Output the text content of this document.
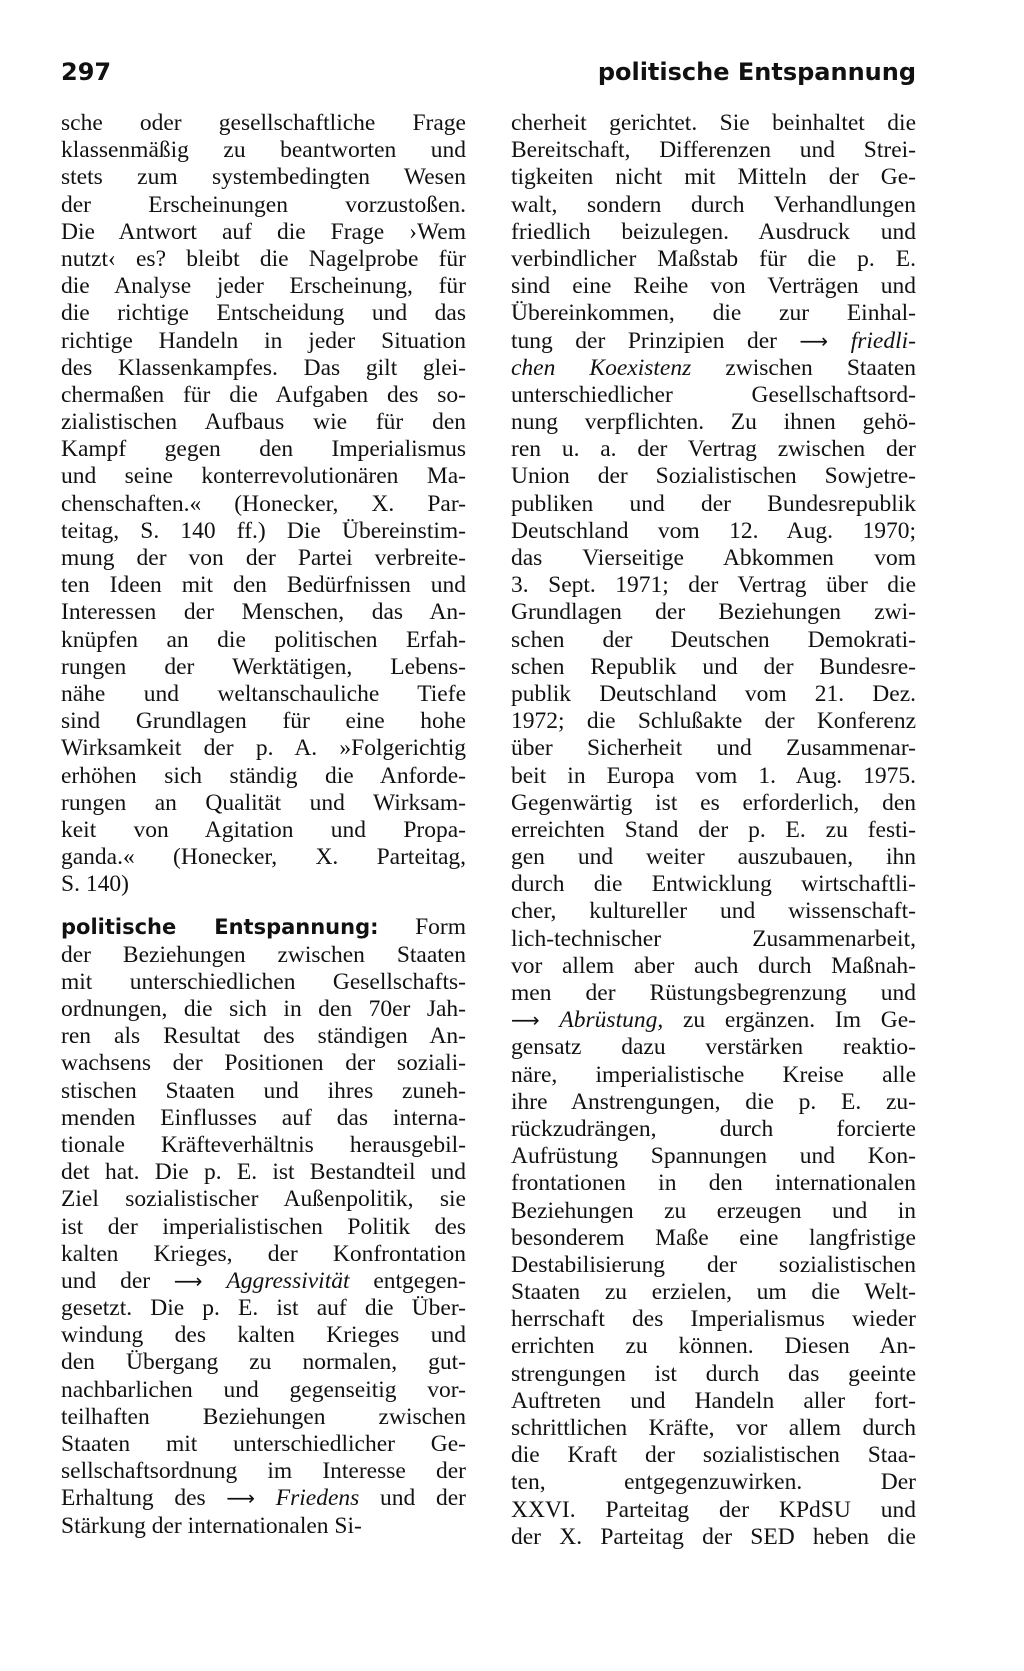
297	politische Entspannung
sche oder gesellschaftliche Frage
klassenmäßig zu beantworten und
stets zum systembedingten Wesen
der Erscheinungen vorzustoßen.
Die Antwort auf die Frage ›Wem
nutzt‹ es? bleibt die Nagelprobe für
die Analyse jeder Erscheinung, für
die richtige Entscheidung und das
richtige Handeln in jeder Situation
des Klassenkampfes. Das gilt glei-
chermaßen für die Aufgaben des so-
zialistischen Aufbaus wie für den
Kampf gegen den Imperialismus
und seine konterrevolutionären Ma-
chenschaften.« (Honecker, X. Par-
teitag, S. 140 ff.) Die Übereinstim-
mung der von der Partei verbreite-
ten Ideen mit den Bedürfnissen und
Interessen der Menschen, das An-
knüpfen an die politischen Erfah-
rungen der Werktätigen, Lebens-
nähe und weltanschauliche Tiefe
sind Grundlagen für eine hohe
Wirksamkeit der p. A. »Folgerichtig
erhöhen sich ständig die Anforde-
rungen an Qualität und Wirksam-
keit von Agitation und Propa-
ganda.« (Honecker, X. Parteitag,
S. 140)
politische Entspannung: Form
der Beziehungen zwischen Staaten
mit unterschiedlichen Gesellschafts-
ordnungen, die sich in den 70er Jah-
ren als Resultat des ständigen An-
wachsens der Positionen der soziali-
stischen Staaten und ihres zuneh-
menden Einflusses auf das interna-
tionale Kräfteverhältnis herausgebil-
det hat. Die p. E. ist Bestandteil und
Ziel sozialistischer Außenpolitik, sie
ist der imperialistischen Politik des
kalten Krieges, der Konfrontation
und der ⟶ Aggressivität entgegen-
gesetzt. Die p. E. ist auf die Über-
windung des kalten Krieges und
den Übergang zu normalen, gut-
nachbarlichen und gegenseitig vor-
teilhaften Beziehungen zwischen
Staaten mit unterschiedlicher Ge-
sellschaftsordnung im Interesse der
Erhaltung des ⟶ Friedens und der
Stärkung der internationalen Si-
cherheit gerichtet. Sie beinhaltet die
Bereitschaft, Differenzen und Strei-
tigkeiten nicht mit Mitteln der Ge-
walt, sondern durch Verhandlungen
friedlich beizulegen. Ausdruck und
verbindlicher Maßstab für die p. E.
sind eine Reihe von Verträgen und
Übereinkommen, die zur Einhal-
tung der Prinzipien der ⟶ friedli-
chen Koexistenz zwischen Staaten
unterschiedlicher Gesellschaftsord-
nung verpflichten. Zu ihnen gehö-
ren u. a. der Vertrag zwischen der
Union der Sozialistischen Sowjetre-
publiken und der Bundesrepublik
Deutschland vom 12. Aug. 1970;
das Vierseitige Abkommen vom
3. Sept. 1971; der Vertrag über die
Grundlagen der Beziehungen zwi-
schen der Deutschen Demokrati-
schen Republik und der Bundesre-
publik Deutschland vom 21. Dez.
1972; die Schlußakte der Konferenz
über Sicherheit und Zusammenar-
beit in Europa vom 1. Aug. 1975.
Gegenwärtig ist es erforderlich, den
erreichten Stand der p. E. zu festi-
gen und weiter auszubauen, ihn
durch die Entwicklung wirtschaftli-
cher, kultureller und wissenschaft-
lich-technischer Zusammenarbeit,
vor allem aber auch durch Maßnah-
men der Rüstungsbegrenzung und
⟶ Abrüstung, zu ergänzen. Im Ge-
gensatz dazu verstärken reaktio-
näre, imperialistische Kreise alle
ihre Anstrengungen, die p. E. zu-
rückzudrängen, durch forcierte
Aufrüstung Spannungen und Kon-
frontationen in den internationalen
Beziehungen zu erzeugen und in
besonderem Maße eine langfristige
Destabilisierung der sozialistischen
Staaten zu erzielen, um die Welt-
herrschaft des Imperialismus wieder
errichten zu können. Diesen An-
strengungen ist durch das geeinte
Auftreten und Handeln aller fort-
schrittlichen Kräfte, vor allem durch
die Kraft der sozialistischen Staa-
ten, entgegenzuwirken. Der
XXVI. Parteitag der KPdSU und
der X. Parteitag der SED heben die
